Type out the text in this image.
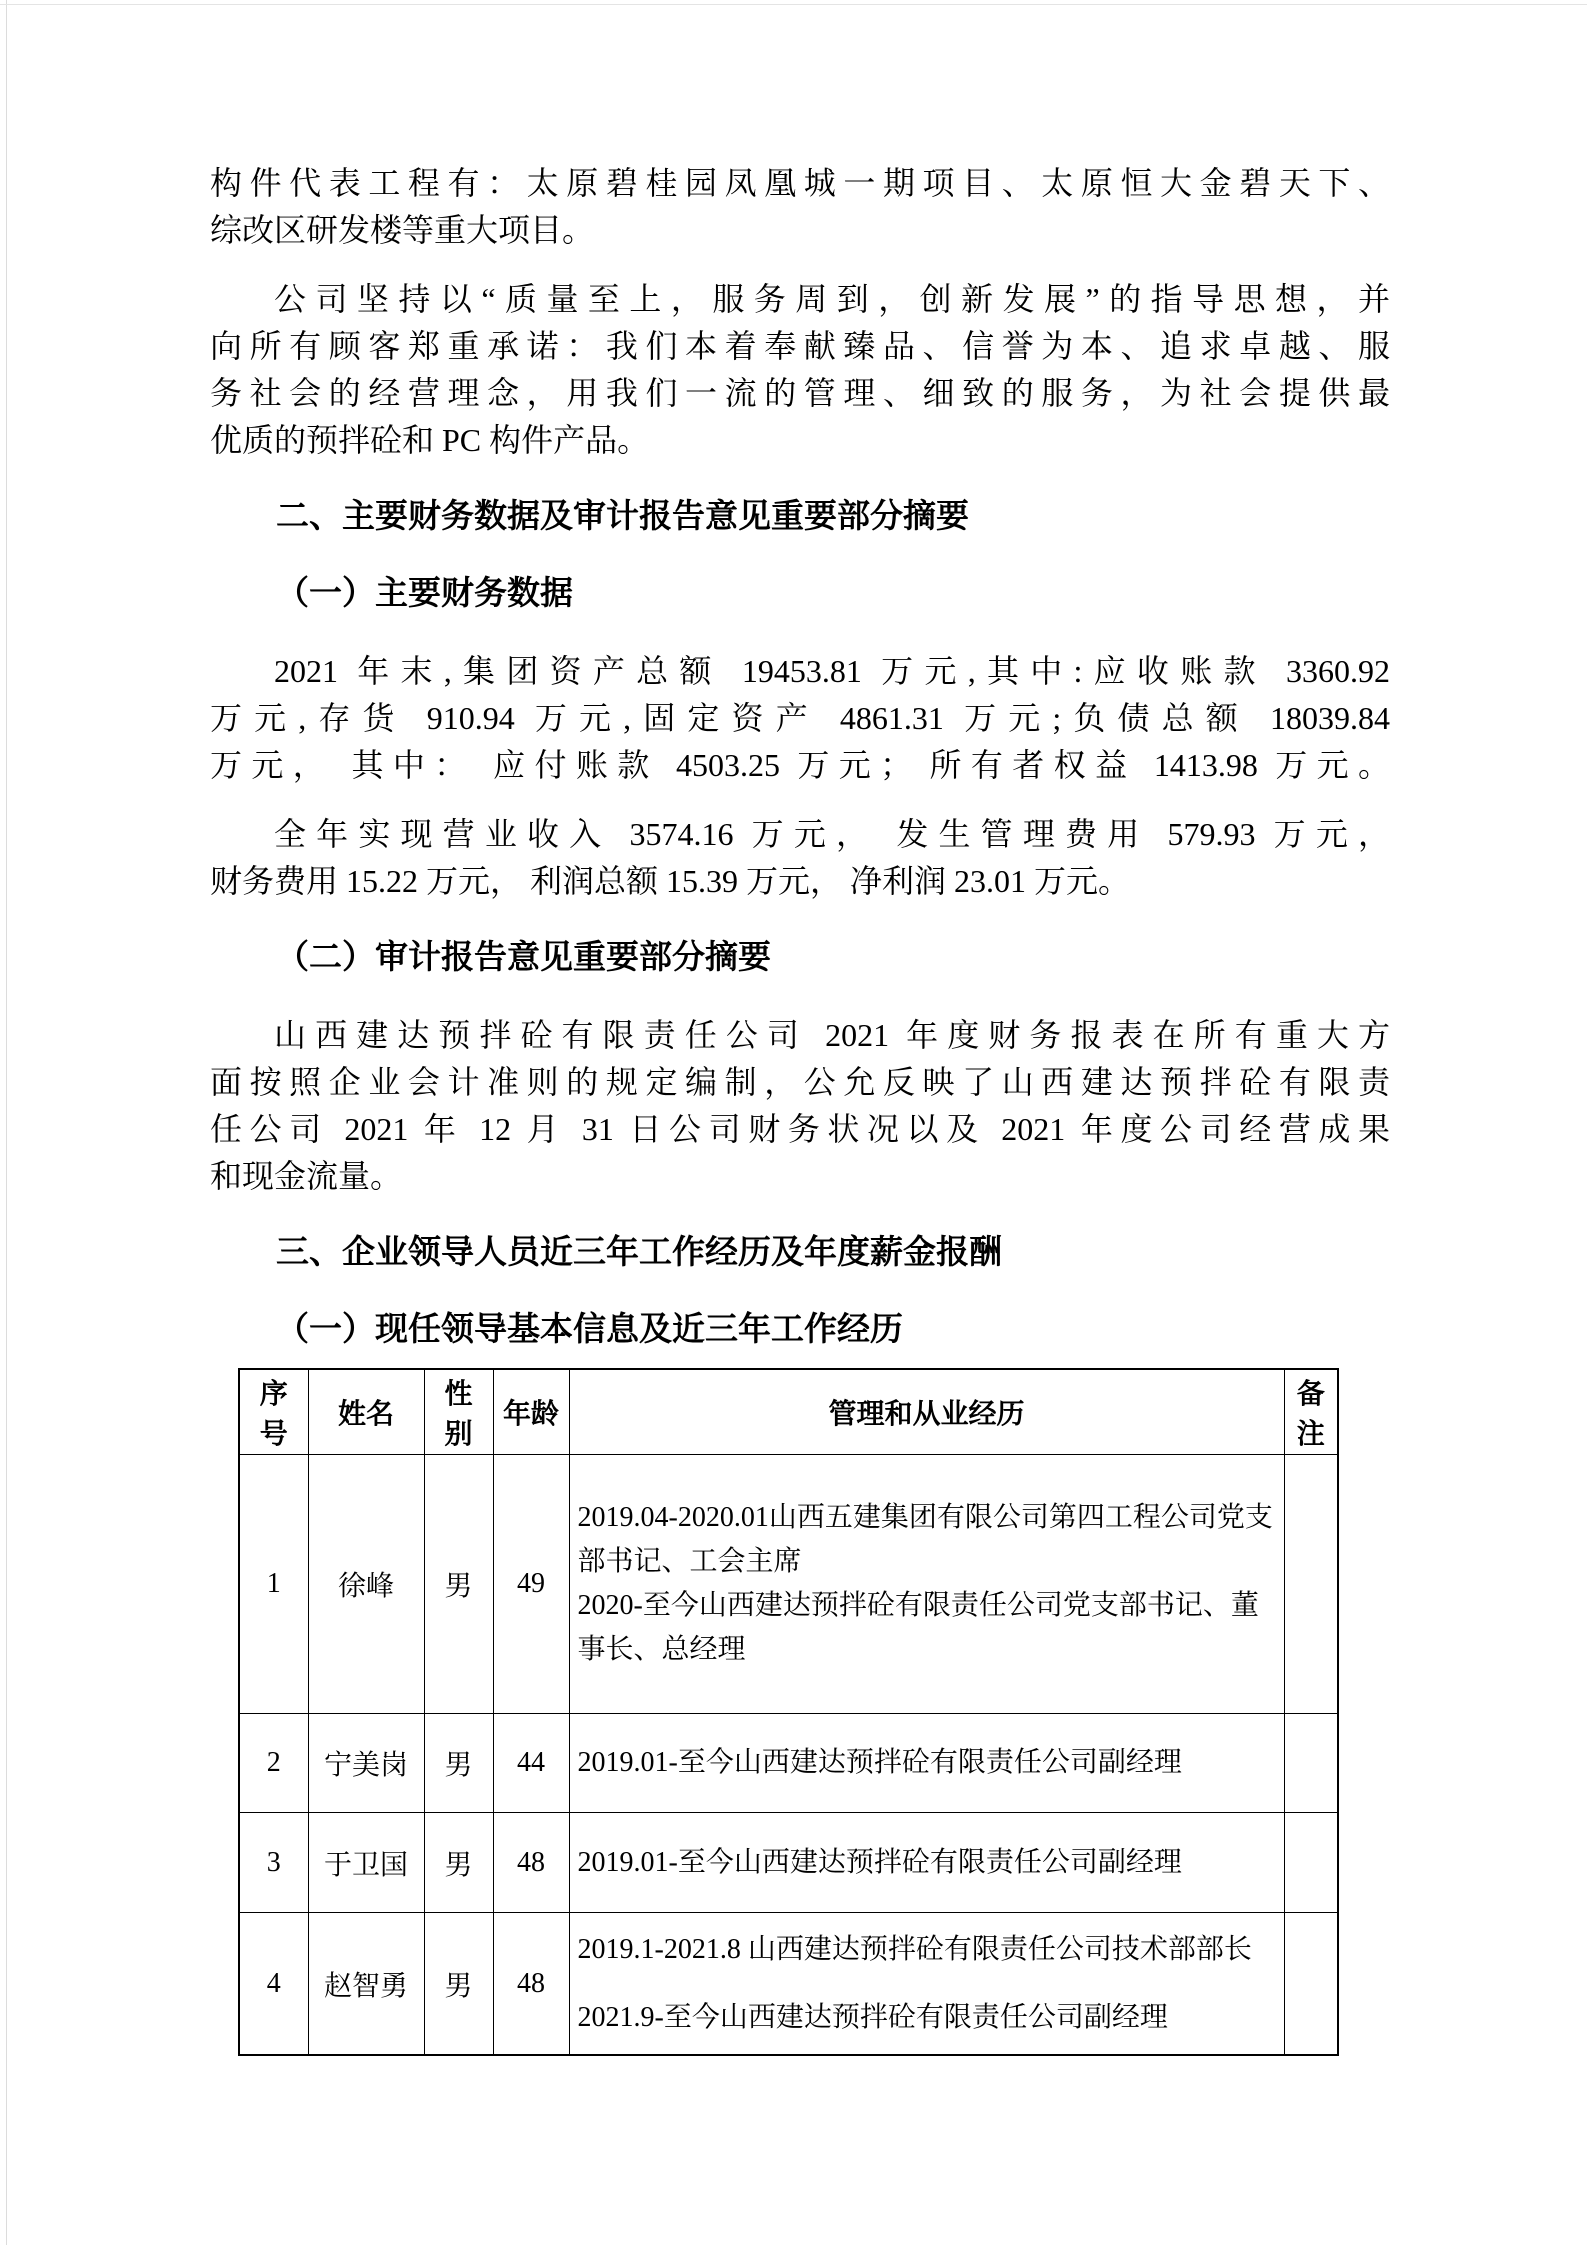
构件代表工程有：太原碧桂园凤凰城一期项目、太原恒大金碧天下、
综改区研发楼等重大项目。
公司坚持以“质量至上，服务周到，创新发展”的指导思想，并
向所有顾客郑重承诺：我们本着奉献臻品、信誉为本、追求卓越、服
务社会的经营理念，用我们一流的管理、细致的服务，为社会提供最
优质的预拌砼和 PC 构件产品。
二、主要财务数据及审计报告意见重要部分摘要
（一）主要财务数据
2021 年末,集团资产总额 19453.81 万元,其中:应收账款 3360.92
万元,存货 910.94 万元,固定资产 4861.31 万元;负债总额 18039.84
万元， 其中： 应付账款 4503.25 万元； 所有者权益 1413.98 万元。
全年实现营业收入 3574.16 万元， 发生管理费用 579.93 万元，
财务费用 15.22 万元， 利润总额 15.39 万元， 净利润 23.01 万元。
（二）审计报告意见重要部分摘要
山西建达预拌砼有限责任公司 2021 年度财务报表在所有重大方
面按照企业会计准则的规定编制，公允反映了山西建达预拌砼有限责
任公司 2021 年 12 月 31 日公司财务状况以及 2021 年度公司经营成果
和现金流量。
三、企业领导人员近三年工作经历及年度薪金报酬
（一）现任领导基本信息及近三年工作经历
序号	姓名	性别	年龄	管理和从业经历	备注
1	徐峰	男	49	2019.04-2020.01山西五建集团有限公司第四工程公司党支部书记、工会主席

2020-至今山西建达预拌砼有限责任公司党支部书记、董事长、总经理	

2	宁美岗	男	44	2019.01-至今山西建达预拌砼有限责任公司副经理	

3	于卫国	男	48	2019.01-至今山西建达预拌砼有限责任公司副经理	

4	赵智勇	男	48	2019.1-2021.8 山西建达预拌砼有限责任公司技术部部长

2021.9-至今山西建达预拌砼有限责任公司副经理	
